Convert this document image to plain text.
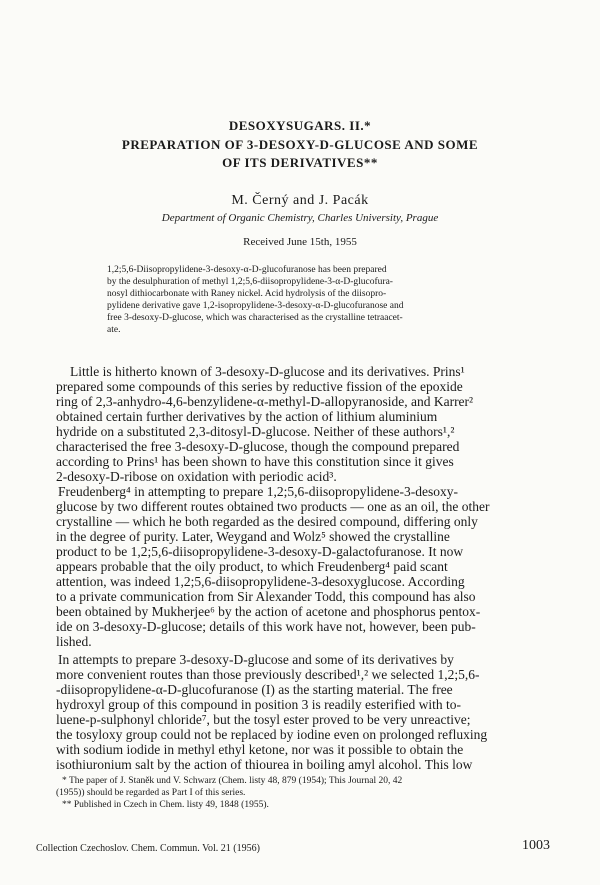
DESOXYSUGARS. II.*
PREPARATION OF 3-DESOXY-D-GLUCOSE AND SOME
OF ITS DERIVATIVES**
M. Černý and J. Pacák
Department of Organic Chemistry, Charles University, Prague
Received June 15th, 1955
1,2;5,6-Diisopropylidene-3-desoxy-α-D-glucofuranose has been prepared
by the desulphuration of methyl 1,2;5,6-diisopropylidene-3-α-D-glucofura-
nosyl dithiocarbonate with Raney nickel. Acid hydrolysis of the diisopro-
pylidene derivative gave 1,2-isopropylidene-3-desoxy-α-D-glucofuranose and
free 3-desoxy-D-glucose, which was characterised as the crystalline tetraacet-
ate.
Little is hitherto known of 3-desoxy-D-glucose and its derivatives. Prins¹
prepared some compounds of this series by reductive fission of the epoxide
ring of 2,3-anhydro-4,6-benzylidene-α-methyl-D-allopyranoside, and Karrer²
obtained certain further derivatives by the action of lithium aluminium
hydride on a substituted 2,3-ditosyl-D-glucose. Neither of these authors¹,²
characterised the free 3-desoxy-D-glucose, though the compound prepared
according to Prins¹ has been shown to have this constitution since it gives
2-desoxy-D-ribose on oxidation with periodic acid³.
Freudenberg⁴ in attempting to prepare 1,2;5,6-diisopropylidene-3-desoxy-
glucose by two different routes obtained two products — one as an oil, the other
crystalline — which he both regarded as the desired compound, differing only
in the degree of purity. Later, Weygand and Wolz⁵ showed the crystalline
product to be 1,2;5,6-diisopropylidene-3-desoxy-D-galactofuranose. It now
appears probable that the oily product, to which Freudenberg⁴ paid scant
attention, was indeed 1,2;5,6-diisopropylidene-3-desoxyglucose. According
to a private communication from Sir Alexander Todd, this compound has also
been obtained by Mukherjee⁶ by the action of acetone and phosphorus pentox-
ide on 3-desoxy-D-glucose; details of this work have not, however, been pub-
lished.
In attempts to prepare 3-desoxy-D-glucose and some of its derivatives by
more convenient routes than those previously described¹,² we selected 1,2;5,6-
-diisopropylidene-α-D-glucofuranose (I) as the starting material. The free
hydroxyl group of this compound in position 3 is readily esterified with to-
luene-p-sulphonyl chloride⁷, but the tosyl ester proved to be very unreactive;
the tosyloxy group could not be replaced by iodine even on prolonged refluxing
with sodium iodide in methyl ethyl ketone, nor was it possible to obtain the
isothiuronium salt by the action of thiourea in boiling amyl alcohol. This low
* The paper of J. Staněk und V. Schwarz (Chem. listy 48, 879 (1954); This Journal 20, 42
(1955)) should be regarded as Part I of this series.
** Published in Czech in Chem. listy 49, 1848 (1955).
Collection Czechoslov. Chem. Commun. Vol. 21 (1956)	1003
